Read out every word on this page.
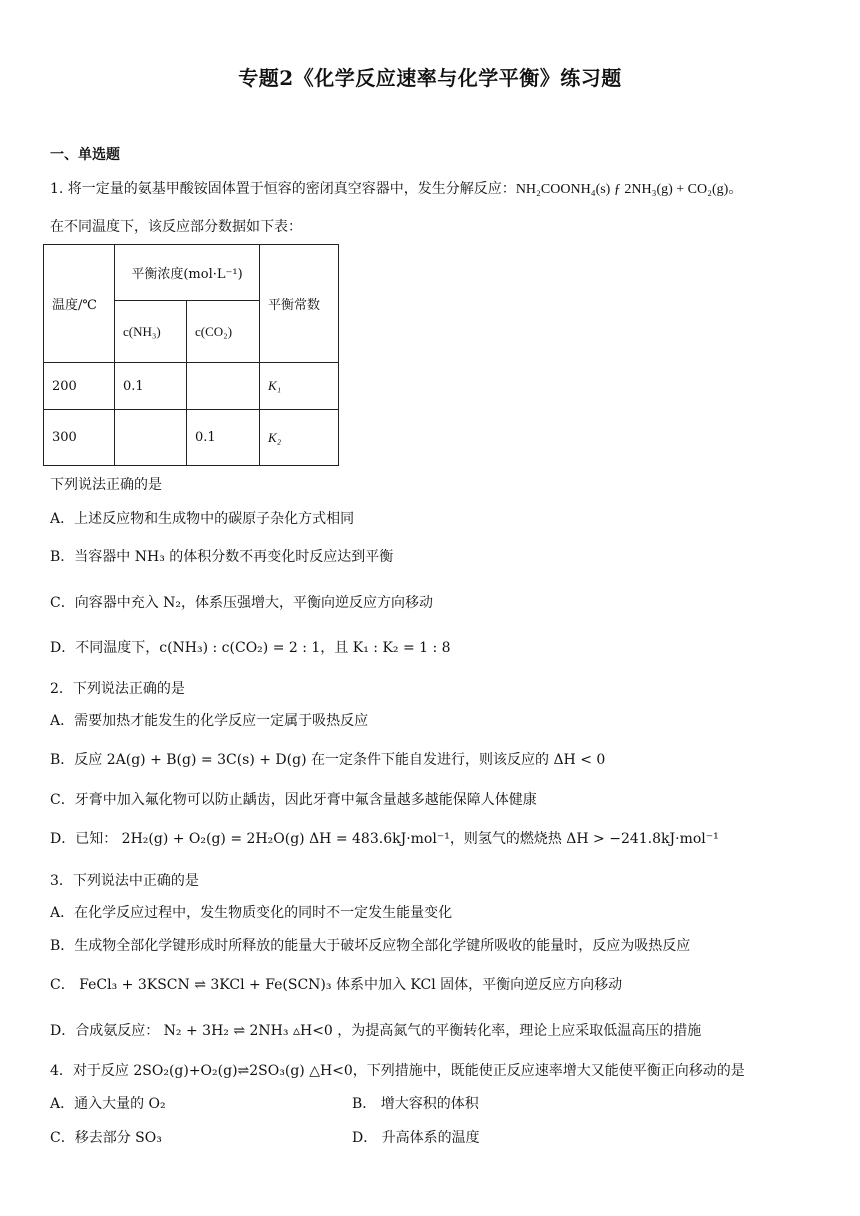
专题2《化学反应速率与化学平衡》练习题
一、单选题
1. 将一定量的氨基甲酸铵固体置于恒容的密闭真空容器中，发生分解反应：NH₂COONH₄(s) ƒ 2NH₃(g) + CO₂(g)。
在不同温度下，该反应部分数据如下表：
温度/℃	平衡浓度(mol·L⁻¹)		平衡常数
	c(NH₃)	c(CO₂)	
200	0.1		K₁
300		0.1	K₂
下列说法正确的是
A．上述反应物和生成物中的碳原子杂化方式相同
B．当容器中 NH₃ 的体积分数不再变化时反应达到平衡
C．向容器中充入 N₂，体系压强增大，平衡向逆反应方向移动
D．不同温度下，c(NH₃) : c(CO₂) = 2 : 1，且 K₁ : K₂ = 1 : 8
2．下列说法正确的是
A．需要加热才能发生的化学反应一定属于吸热反应
B．反应 2A(g) + B(g) = 3C(s) + D(g) 在一定条件下能自发进行，则该反应的 ΔH < 0
C．牙膏中加入氟化物可以防止龋齿，因此牙膏中氟含量越多越能保障人体健康
D．已知： 2H₂(g) + O₂(g) = 2H₂O(g) ΔH = 483.6kJ·mol⁻¹，则氢气的燃烧热 ΔH > −241.8kJ·mol⁻¹
3．下列说法中正确的是
A．在化学反应过程中，发生物质变化的同时不一定发生能量变化
B．生成物全部化学键形成时所释放的能量大于破坏反应物全部化学键所吸收的能量时，反应为吸热反应
C． FeCl₃ + 3KSCN ⇌ 3KCl + Fe(SCN)₃ 体系中加入 KCl 固体，平衡向逆反应方向移动
D．合成氨反应： N₂ + 3H₂ ⇌ 2NH₃ ▵H<0 ，为提高氮气的平衡转化率，理论上应采取低温高压的措施
4．对于反应 2SO₂(g)+O₂(g)⇌2SO₃(g) △H<0，下列措施中，既能使正反应速率增大又能使平衡正向移动的是
A．通入大量的 O₂	B． 增大容积的体积
C．移去部分 SO₃	D． 升高体系的温度
